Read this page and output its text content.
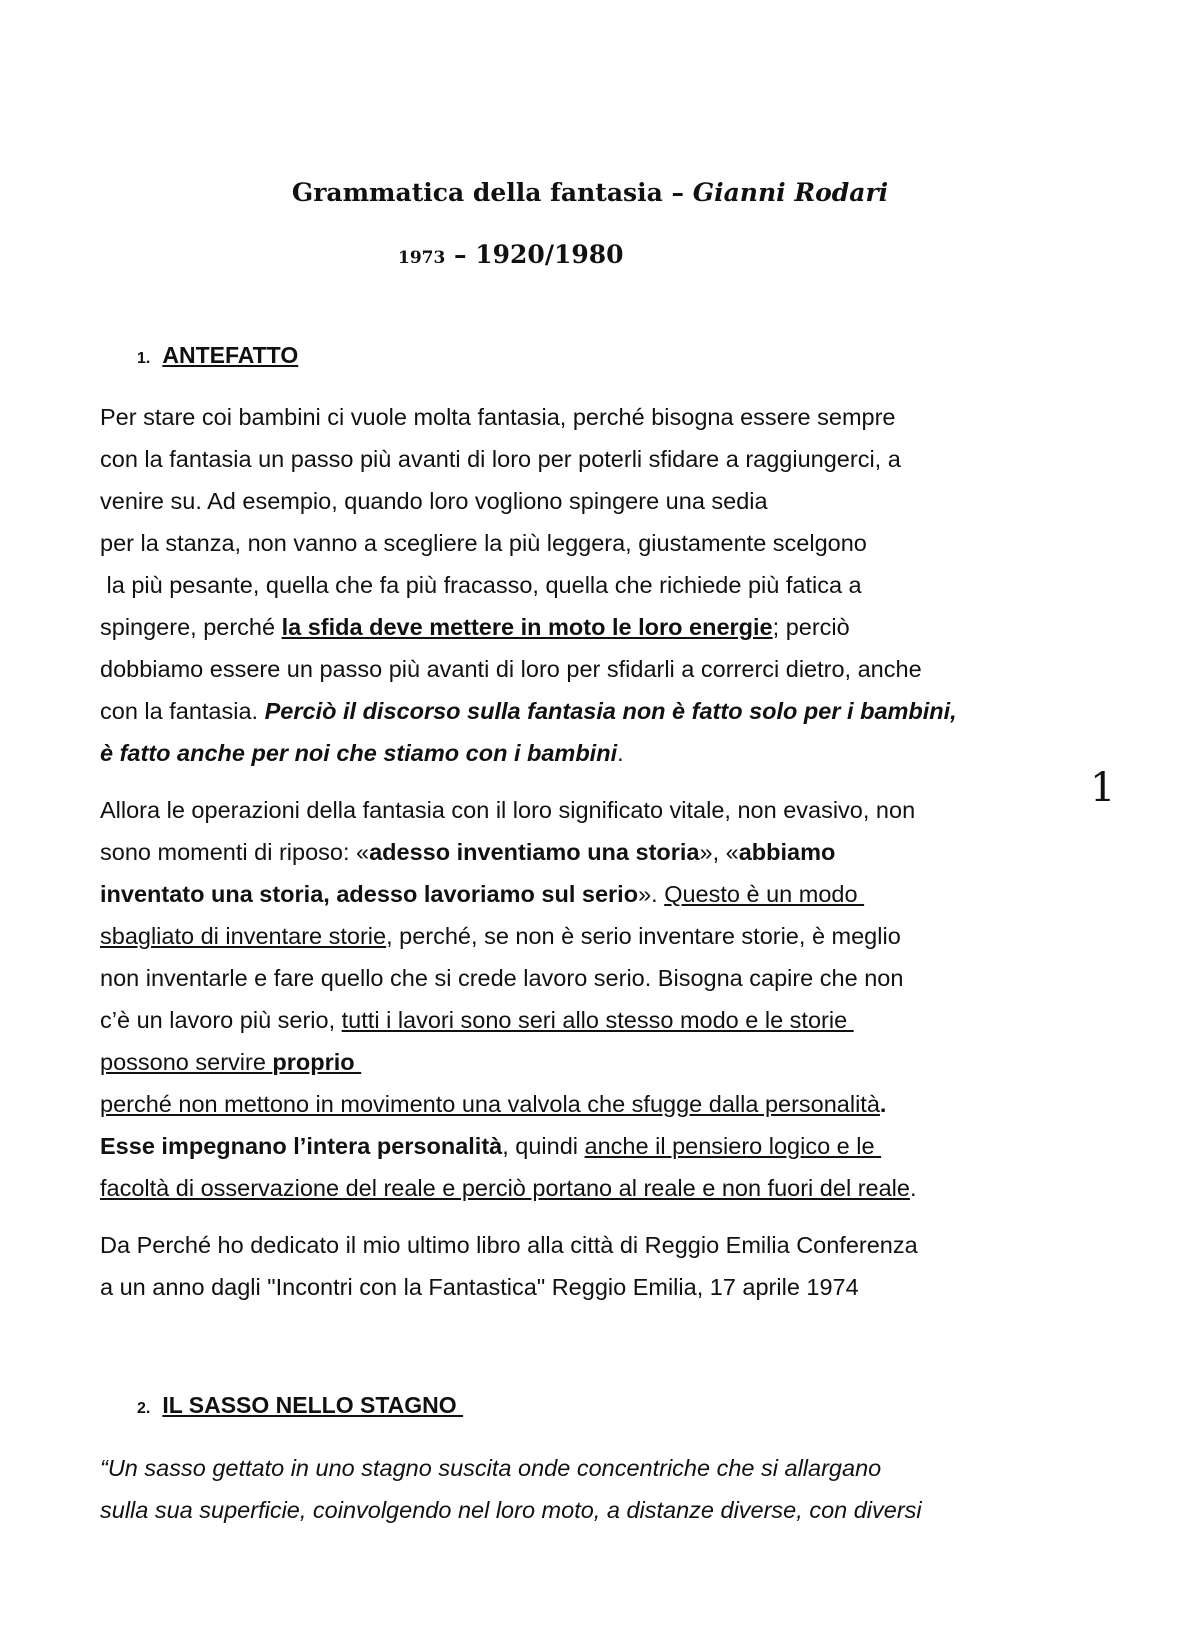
Grammatica della fantasia – Gianni Rodari
1973 – 1920/1980
1. ANTEFATTO
Per stare coi bambini ci vuole molta fantasia, perché bisogna essere sempre
con la fantasia un passo più avanti di loro per poterli sfidare a raggiungerci, a
venire su. Ad esempio, quando loro vogliono spingere una sedia
per la stanza, non vanno a scegliere la più leggera, giustamente scelgono
la più pesante, quella che fa più fracasso, quella che richiede più fatica a
spingere, perché la sfida deve mettere in moto le loro energie; perciò
dobbiamo essere un passo più avanti di loro per sfidarli a correrci dietro, anche
con la fantasia. Perciò il discorso sulla fantasia non è fatto solo per i bambini,
è fatto anche per noi che stiamo con i bambini.
1
Allora le operazioni della fantasia con il loro significato vitale, non evasivo, non
sono momenti di riposo: «adesso inventiamo una storia», «abbiamo
inventato una storia, adesso lavoriamo sul serio». Questo è un modo
sbagliato di inventare storie, perché, se non è serio inventare storie, è meglio
non inventarle e fare quello che si crede lavoro serio. Bisogna capire che non
c’è un lavoro più serio, tutti i lavori sono seri allo stesso modo e le storie
possono servire proprio
perché non mettono in movimento una valvola che sfugge dalla personalità.
Esse impegnano l’intera personalità, quindi anche il pensiero logico e le
facoltà di osservazione del reale e perciò portano al reale e non fuori del reale.
Da Perché ho dedicato il mio ultimo libro alla città di Reggio Emilia Conferenza
a un anno dagli "Incontri con la Fantastica" Reggio Emilia, 17 aprile 1974
2. IL SASSO NELLO STAGNO
“Un sasso gettato in uno stagno suscita onde concentriche che si allargano
sulla sua superficie, coinvolgendo nel loro moto, a distanze diverse, con diversi
